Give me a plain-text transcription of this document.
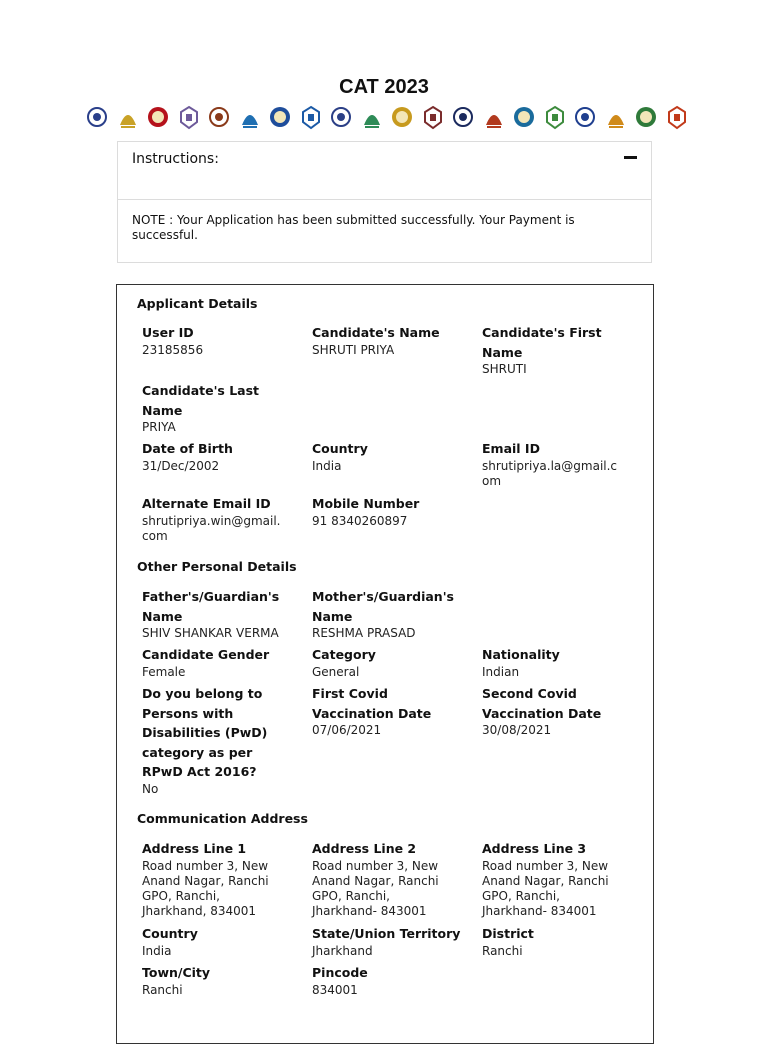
CAT 2023
Instructions:
NOTE : Your Application has been submitted successfully. Your Payment is successful.
Applicant Details
User ID
23185856
Candidate's Name
SHRUTI PRIYA
Candidate's First Name
SHRUTI
Candidate's Last Name
PRIYA
Date of Birth
31/Dec/2002
Country
India
Email ID
shrutipriya.la@gmail.com
Alternate Email ID
shrutipriya.win@gmail.com
Mobile Number
91 8340260897
Other Personal Details
Father's/Guardian's Name
SHIV SHANKAR VERMA
Mother's/Guardian's Name
RESHMA PRASAD
Candidate Gender
Female
Category
General
Nationality
Indian
Do you belong to Persons with Disabilities (PwD) category as per RPwD Act 2016?
No
First Covid Vaccination Date
07/06/2021
Second Covid Vaccination Date
30/08/2021
Communication Address
Address Line 1
Road number 3, New Anand Nagar, Ranchi GPO, Ranchi, Jharkhand, 834001
Address Line 2
Road number 3, New Anand Nagar, Ranchi GPO, Ranchi, Jharkhand- 843001
Address Line 3
Road number 3, New Anand Nagar, Ranchi GPO, Ranchi, Jharkhand- 834001
Country
India
State/Union Territory
Jharkhand
District
Ranchi
Town/City
Ranchi
Pincode
834001
